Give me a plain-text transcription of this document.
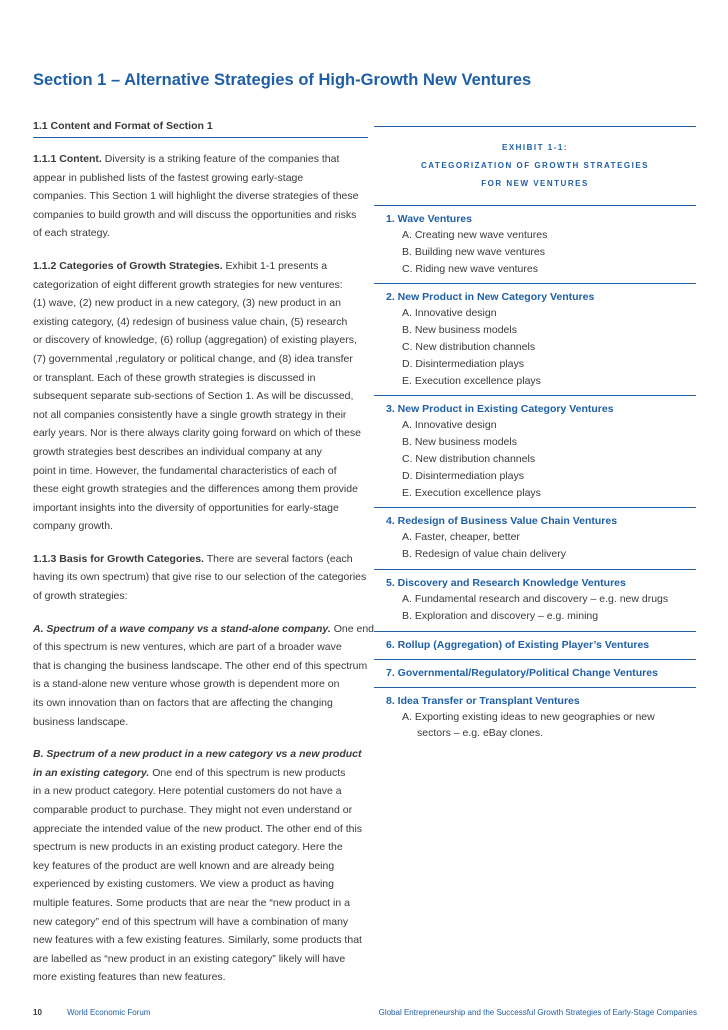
Section 1 – Alternative Strategies of High-Growth New Ventures
1.1 Content and Format of Section 1
1.1.1 Content. Diversity is a striking feature of the companies that
appear in published lists of the fastest growing early-stage
companies. This Section 1 will highlight the diverse strategies of these
companies to build growth and will discuss the opportunities and risks
of each strategy.
1.1.2 Categories of Growth Strategies. Exhibit 1-1 presents a
categorization of eight different growth strategies for new ventures:
(1) wave, (2) new product in a new category, (3) new product in an
existing category, (4) redesign of business value chain, (5) research
or discovery of knowledge, (6) rollup (aggregation) of existing players,
(7) governmental ,regulatory or political change, and (8) idea transfer
or transplant. Each of these growth strategies is discussed in
subsequent separate sub-sections of Section 1. As will be discussed,
not all companies consistently have a single growth strategy in their
early years. Nor is there always clarity going forward on which of these
growth strategies best describes an individual company at any
point in time. However, the fundamental characteristics of each of
these eight growth strategies and the differences among them provide
important insights into the diversity of opportunities for early-stage
company growth.
1.1.3 Basis for Growth Categories. There are several factors (each
having its own spectrum) that give rise to our selection of the categories
of growth strategies:
A. Spectrum of a wave company vs a stand-alone company. One end
of this spectrum is new ventures, which are part of a broader wave
that is changing the business landscape. The other end of this spectrum
is a stand-alone new venture whose growth is dependent more on
its own innovation than on factors that are affecting the changing
business landscape.
B. Spectrum of a new product in a new category vs a new product
in an existing category. One end of this spectrum is new products
in a new product category. Here potential customers do not have a
comparable product to purchase. They might not even understand or
appreciate the intended value of the new product. The other end of this
spectrum is new products in an existing product category. Here the
key features of the product are well known and are already being
experienced by existing customers. We view a product as having
multiple features. Some products that are near the “new product in a
new category” end of this spectrum will have a combination of many
new features with a few existing features. Similarly, some products that
are labelled as “new product in an existing category” likely will have
more existing features than new features.
EXHIBIT 1-1:
CATEGORIZATION OF GROWTH STRATEGIES
FOR NEW VENTURES
1. Wave Ventures
A. Creating new wave ventures
B. Building new wave ventures
C. Riding new wave ventures
2. New Product in New Category Ventures
A. Innovative design
B. New business models
C. New distribution channels
D. Disintermediation plays
E. Execution excellence plays
3. New Product in Existing Category Ventures
A. Innovative design
B. New business models
C. New distribution channels
D. Disintermediation plays
E. Execution excellence plays
4. Redesign of Business Value Chain Ventures
A. Faster, cheaper, better
B. Redesign of value chain delivery
5. Discovery and Research Knowledge Ventures
A. Fundamental research and discovery – e.g. new drugs
B. Exploration and discovery – e.g. mining
6. Rollup (Aggregation) of Existing Player’s Ventures
7. Governmental/Regulatory/Political Change Ventures
8. Idea Transfer or Transplant Ventures
A. Exporting existing ideas to new geographies or new
sectors – e.g. eBay clones.
10	World Economic Forum	Global Entrepreneurship and the Successful Growth Strategies of Early-Stage Companies
